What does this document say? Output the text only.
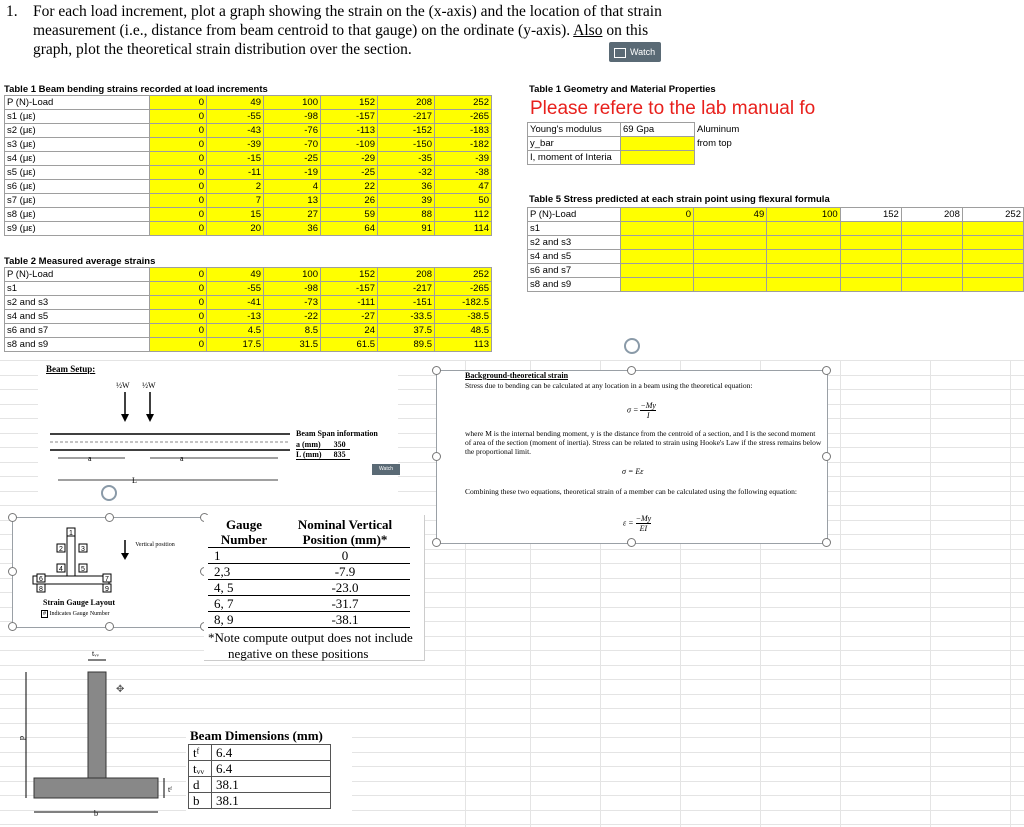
1. For each load increment, plot a graph showing the strain on the (x-axis) and the location of that strain
measurement (i.e., distance from beam centroid to that gauge) on the ordinate (y-axis). Also on this
graph, plot the theoretical strain distribution over the section.	Watch in
Table 1 Beam bending strains recorded at load increments
P (N)-Load	0	49	100	152	208	252
s1 (με)	0	-55	-98	-157	-217	-265
s2 (με)	0	-43	-76	-113	-152	-183
s3 (με)	0	-39	-70	-109	-150	-182
s4 (με)	0	-15	-25	-29	-35	-39
s5 (με)	0	-11	-19	-25	-32	-38
s6 (με)	0	2	4	22	36	47
s7 (με)	0	7	13	26	39	50
s8 (με)	0	15	27	59	88	112
s9 (με)	0	20	36	64	91	114
Table 2 Measured average strains
P (N)-Load	0	49	100	152	208	252
s1	0	-55	-98	-157	-217	-265
s2 and s3	0	-41	-73	-111	-151	-182.5
s4 and s5	0	-13	-22	-27	-33.5	-38.5
s6 and s7	0	4.5	8.5	24	37.5	48.5
s8 and s9	0	17.5	31.5	61.5	89.5	113
Table 1 Geometry and Material Properties
Please refere to the lab manual fo
Young's modulus	69 Gpa	Aluminum
y_bar		from top
I, moment of Interia		
Table 5 Stress predicted at each strain point using flexural formula
P (N)-Load	0	49	100	152	208	252
s1						
s2 and s3						
s4 and s5						
s6 and s7						
s8 and s9						
Background-theoretical strain
Stress due to bending can be calculated at any location in a beam using the theoretical equation:
$\sigma = \frac{-My}{I}$
where M is the internal bending moment, y is the distance from the centroid of a section, and I is the second moment of area of the section (moment of inertia). Stress can be related to strain using Hooke's Law if the stress remains below the proportional limit.
σ = Eε
Combining these two equations, theoretical strain of a member can be calculated using the following equation:
$\varepsilon = \frac{-My}{EI}$
Beam Setup:
½W ½W
a	a
L
Beam Span information
a (mm)	350
L (mm)	835
Watch
1
2	3
4	5
6	7
8	9
Vertical position
Strain Gauge Layout
# Indicates Gauge Number
Gauge Number	Nominal Vertical Position (mm)*
1	0
2,3	-7.9
4, 5	-23.0
6, 7	-31.7
8, 9	-38.1
*Note compute output does not include
negative on these positions
tᵥᵥ
d
b
tᶠ
✥
Beam Dimensions (mm)
tᶠ	6.4
tᵥᵥ	6.4
d	38.1
b	38.1
